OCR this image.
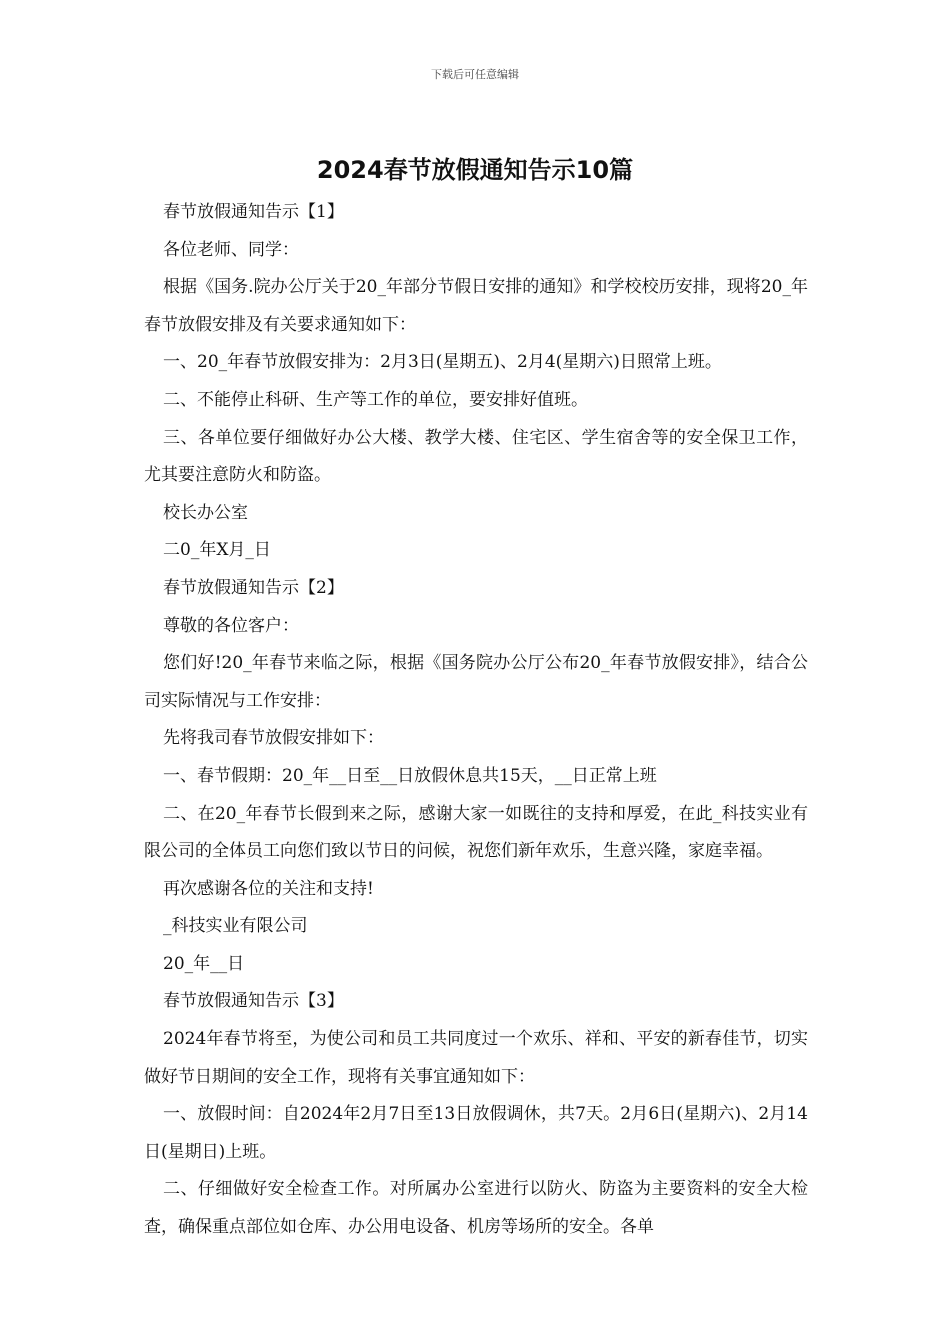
下载后可任意编辑
2024春节放假通知告示10篇

春节放假通知告示【1】

各位老师、同学：

根据《国务.院办公厅关于20_年部分节假日安排的通知》和学校校历安排，现将20_年春节放假安排及有关要求通知如下：

一、20_年春节放假安排为：2月3日(星期五)、2月4(星期六)日照常上班。

二、不能停止科研、生产等工作的单位，要安排好值班。

三、各单位要仔细做好办公大楼、教学大楼、住宅区、学生宿舍等的安全保卫工作，尤其要注意防火和防盗。

校长办公室

二0_年X月_日

春节放假通知告示【2】

尊敬的各位客户：

您们好!20_年春节来临之际，根据《国务院办公厅公布20_年春节放假安排》，结合公司实际情况与工作安排：

先将我司春节放假安排如下：

一、春节假期：20_年__日至__日放假休息共15天，__日正常上班

二、在20_年春节长假到来之际，感谢大家一如既往的支持和厚爱，在此_科技实业有限公司的全体员工向您们致以节日的问候，祝您们新年欢乐，生意兴隆，家庭幸福。

再次感谢各位的关注和支持!

_科技实业有限公司

20_年__日

春节放假通知告示【3】

2024年春节将至，为使公司和员工共同度过一个欢乐、祥和、平安的新春佳节，切实做好节日期间的安全工作，现将有关事宜通知如下：

一、放假时间：自2024年2月7日至13日放假调休，共7天。2月6日(星期六)、2月14日(星期日)上班。

二、仔细做好安全检查工作。对所属办公室进行以防火、防盗为主要资料的安全大检查，确保重点部位如仓库、办公用电设备、机房等场所的安全。各单
